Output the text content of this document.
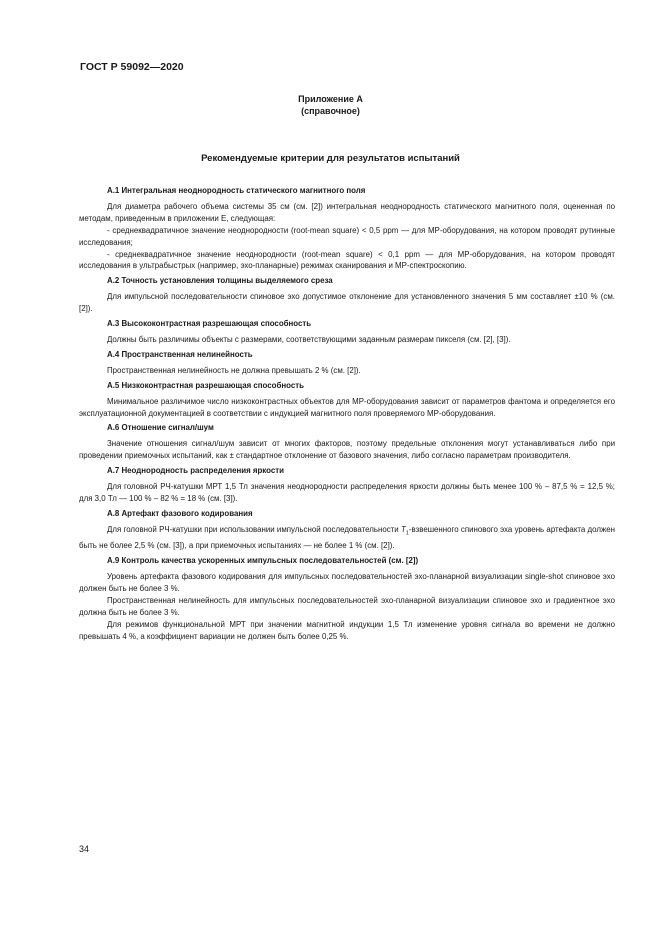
ГОСТ Р 59092—2020
Приложение А
(справочное)
Рекомендуемые критерии для результатов испытаний
А.1 Интегральная неоднородность статического магнитного поля

Для диаметра рабочего объема системы 35 см (см. [2]) интегральная неоднородность статического магнитного поля, оцененная по методам, приведенным в приложении Е, следующая:

- среднеквадратичное значение неоднородности (root-mean square) < 0,5 ppm — для МР-оборудования, на котором проводят рутинные исследования;

- среднеквадратичное значение неоднородности (root-mean square) < 0,1 ppm — для МР-оборудования, на котором проводят исследования в ультрабыстрых (например, эхо-планарные) режимах сканирования и МР-спектроскопию.

А.2 Точность установления толщины выделяемого среза

Для импульсной последовательности спиновое эхо допустимое отклонение для установленного значения 5 мм составляет ±10 % (см. [2]).

А.3 Высококонтрастная разрешающая способность

Должны быть различимы объекты с размерами, соответствующими заданным размерам пикселя (см. [2], [3]).

А.4 Пространственная нелинейность

Пространственная нелинейность не должна превышать 2 % (см. [2]).

А.5 Низкоконтрастная разрешающая способность

Минимальное различимое число низкоконтрастных объектов для МР-оборудования зависит от параметров фантома и определяется его эксплуатационной документацией в соответствии с индукцией магнитного поля проверяемого МР-оборудования.

А.6 Отношение сигнал/шум

Значение отношения сигнал/шум зависит от многих факторов, поэтому предельные отклонения могут устанавливаться либо при проведении приемочных испытаний, как ± стандартное отклонение от базового значения, либо согласно параметрам производителя.

А.7 Неоднородность распределения яркости

Для головной РЧ-катушки МРТ 1,5 Тл значения неоднородности распределения яркости должны быть менее 100 % – 87,5 % = 12,5 %; для 3,0 Тл — 100 % – 82 % = 18 % (см. [3]).

А.8 Артефакт фазового кодирования

Для головной РЧ-катушки при использовании импульсной последовательности $T_1$-взвешенного спинового эха уровень артефакта должен быть не более 2,5 % (см. [3]), а при приемочных испытаниях — не более 1 % (см. [2]).

А.9 Контроль качества ускоренных импульсных последовательностей (см. [2])

Уровень артефакта фазового кодирования для импульсных последовательностей эхо-планарной визуализации single-shot спиновое эхо должен быть не более 3 %.

Пространственная нелинейность для импульсных последовательностей эхо-планарной визуализации спиновое эхо и градиентное эхо должна быть не более 3 %.

Для режимов функциональной МРТ при значении магнитной индукции 1,5 Тл изменение уровня сигнала во времени не должно превышать 4 %, а коэффициент вариации не должен быть более 0,25 %.

34
